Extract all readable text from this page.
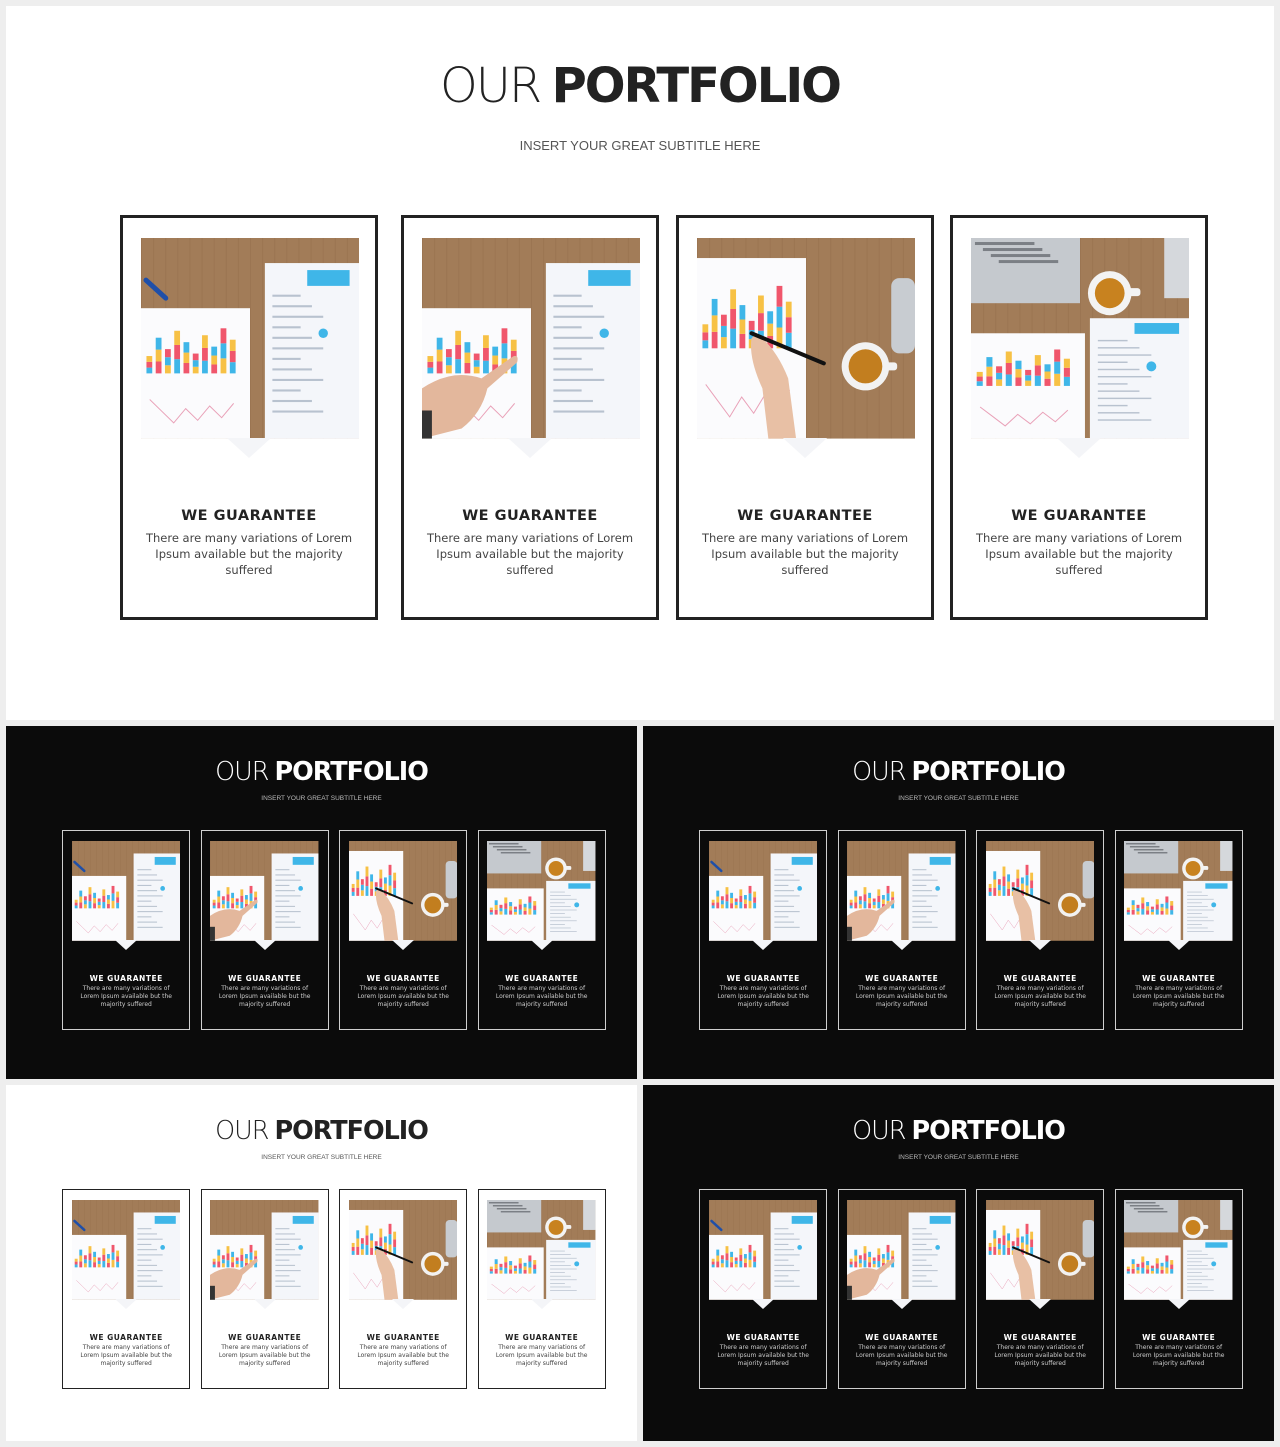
OUR PORTFOLIO
INSERT YOUR GREAT SUBTITLE HERE
WE GUARANTEE
There are many variations of Lorem Ipsum available but the majority suffered
WE GUARANTEE
There are many variations of Lorem Ipsum available but the majority suffered
WE GUARANTEE
There are many variations of Lorem Ipsum available but the majority suffered
WE GUARANTEE
There are many variations of Lorem Ipsum available but the majority suffered
OUR PORTFOLIO
INSERT YOUR GREAT SUBTITLE HERE
WE GUARANTEE
There are many variations of Lorem Ipsum available but the majority suffered
WE GUARANTEE
There are many variations of Lorem Ipsum available but the majority suffered
WE GUARANTEE
There are many variations of Lorem Ipsum available but the majority suffered
WE GUARANTEE
There are many variations of Lorem Ipsum available but the majority suffered
OUR PORTFOLIO
INSERT YOUR GREAT SUBTITLE HERE
WE GUARANTEE
There are many variations of Lorem Ipsum available but the majority suffered
WE GUARANTEE
There are many variations of Lorem Ipsum available but the majority suffered
WE GUARANTEE
There are many variations of Lorem Ipsum available but the majority suffered
WE GUARANTEE
There are many variations of Lorem Ipsum available but the majority suffered
OUR PORTFOLIO
INSERT YOUR GREAT SUBTITLE HERE
WE GUARANTEE
There are many variations of Lorem Ipsum available but the majority suffered
WE GUARANTEE
There are many variations of Lorem Ipsum available but the majority suffered
WE GUARANTEE
There are many variations of Lorem Ipsum available but the majority suffered
WE GUARANTEE
There are many variations of Lorem Ipsum available but the majority suffered
OUR PORTFOLIO
INSERT YOUR GREAT SUBTITLE HERE
WE GUARANTEE
There are many variations of Lorem Ipsum available but the majority suffered
WE GUARANTEE
There are many variations of Lorem Ipsum available but the majority suffered
WE GUARANTEE
There are many variations of Lorem Ipsum available but the majority suffered
WE GUARANTEE
There are many variations of Lorem Ipsum available but the majority suffered
